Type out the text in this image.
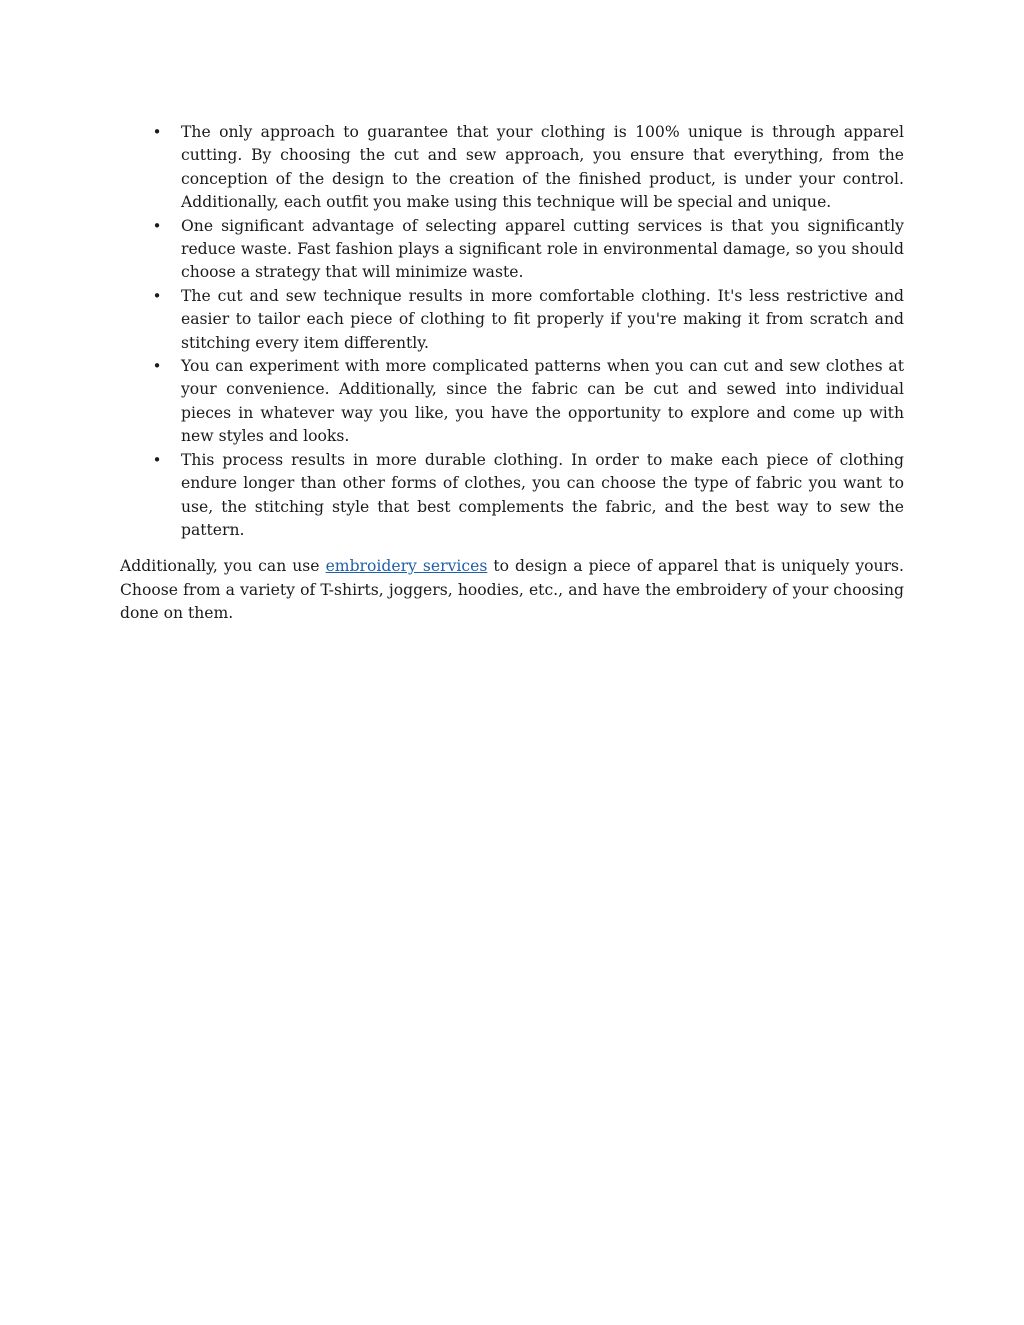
• The only approach to guarantee that your clothing is 100% unique is through apparel cutting. By choosing the cut and sew approach, you ensure that everything, from the conception of the design to the creation of the finished product, is under your control. Additionally, each outfit you make using this technique will be special and unique.
• One significant advantage of selecting apparel cutting services is that you significantly reduce waste. Fast fashion plays a significant role in environmental damage, so you should choose a strategy that will minimize waste.
• The cut and sew technique results in more comfortable clothing. It's less restrictive and easier to tailor each piece of clothing to fit properly if you're making it from scratch and stitching every item differently.
• You can experiment with more complicated patterns when you can cut and sew clothes at your convenience. Additionally, since the fabric can be cut and sewed into individual pieces in whatever way you like, you have the opportunity to explore and come up with new styles and looks.
• This process results in more durable clothing. In order to make each piece of clothing endure longer than other forms of clothes, you can choose the type of fabric you want to use, the stitching style that best complements the fabric, and the best way to sew the pattern.

Additionally, you can use embroidery services to design a piece of apparel that is uniquely yours. Choose from a variety of T-shirts, joggers, hoodies, etc., and have the embroidery of your choosing done on them.
